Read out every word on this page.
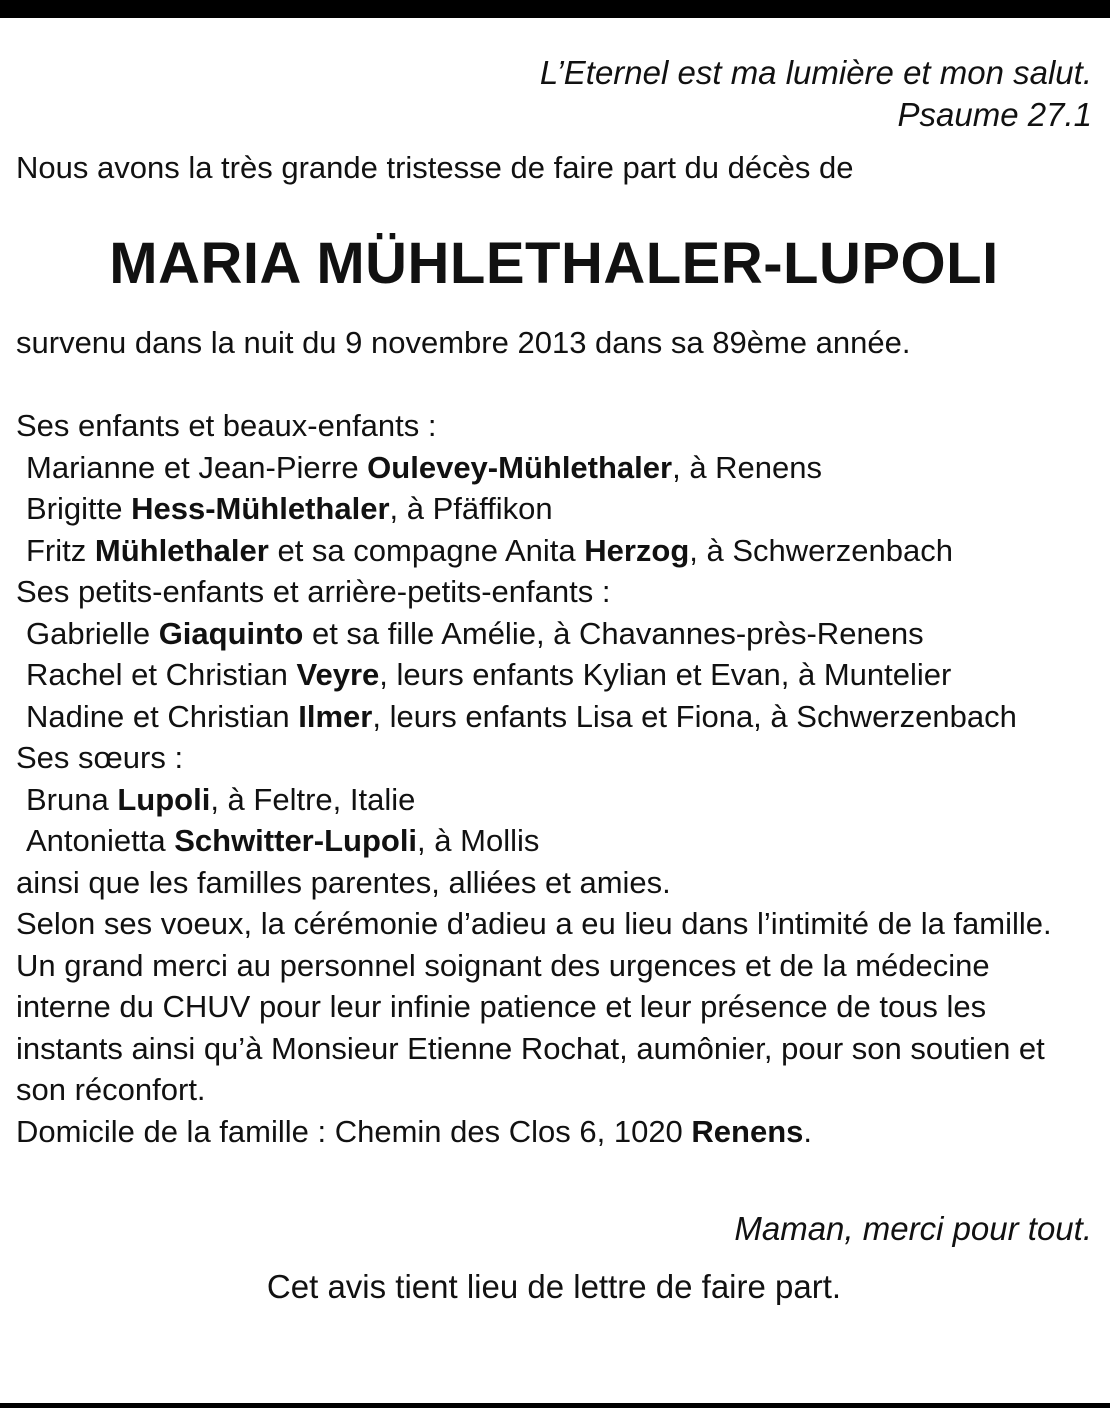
L’Eternel est ma lumière et mon salut.
Psaume 27.1
Nous avons la très grande tristesse de faire part du décès de
MARIA MÜHLETHALER-LUPOLI
survenu dans la nuit du 9 novembre 2013 dans sa 89ème année.
Ses enfants et beaux-enfants :
Marianne et Jean-Pierre Oulevey-Mühlethaler, à Renens
Brigitte Hess-Mühlethaler, à Pfäffikon
Fritz Mühlethaler et sa compagne Anita Herzog, à Schwerzenbach
Ses petits-enfants et arrière-petits-enfants :
Gabrielle Giaquinto et sa fille Amélie, à Chavannes-près-Renens
Rachel et Christian Veyre, leurs enfants Kylian et Evan, à Muntelier
Nadine et Christian Ilmer, leurs enfants Lisa et Fiona, à Schwerzenbach
Ses sœurs :
Bruna Lupoli, à Feltre, Italie
Antonietta Schwitter-Lupoli, à Mollis
ainsi que les familles parentes, alliées et amies.
Selon ses voeux, la cérémonie d’adieu a eu lieu dans l’intimité de la famille.
Un grand merci au personnel soignant des urgences et de la médecine interne du CHUV pour leur infinie patience et leur présence de tous les instants ainsi qu’à Monsieur Etienne Rochat, aumônier, pour son soutien et son réconfort.
Domicile de la famille : Chemin des Clos 6, 1020 Renens.
Maman, merci pour tout.
Cet avis tient lieu de lettre de faire part.
